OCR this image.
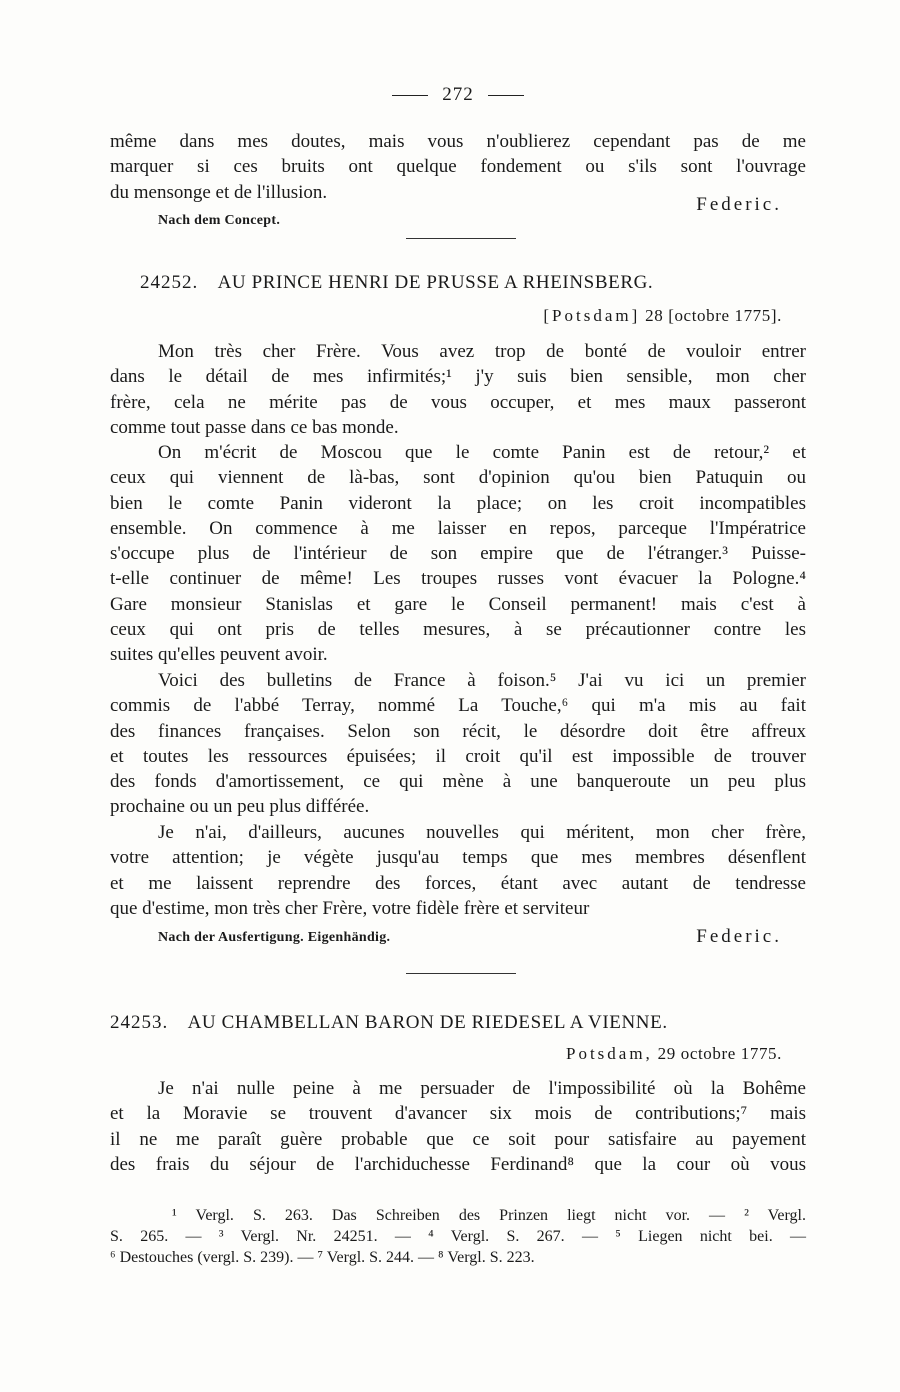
272
même dans mes doutes, mais vous n'oublierez cependant pas de me
marquer si ces bruits ont quelque fondement ou s'ils sont l'ouvrage
du mensonge et de l'illusion.
Federic.
Nach dem Concept.
24252. AU PRINCE HENRI DE PRUSSE A RHEINSBERG.
[Potsdam] 28 [octobre 1775].
Mon très cher Frère. Vous avez trop de bonté de vouloir entrer
dans le détail de mes infirmités;¹ j'y suis bien sensible, mon cher
frère, cela ne mérite pas de vous occuper, et mes maux passeront
comme tout passe dans ce bas monde.
On m'écrit de Moscou que le comte Panin est de retour,² et
ceux qui viennent de là-bas, sont d'opinion qu'ou bien Patuquin ou
bien le comte Panin videront la place; on les croit incompatibles
ensemble. On commence à me laisser en repos, parceque l'Impératrice
s'occupe plus de l'intérieur de son empire que de l'étranger.³ Puisse-
t-elle continuer de même! Les troupes russes vont évacuer la Pologne.⁴
Gare monsieur Stanislas et gare le Conseil permanent! mais c'est à
ceux qui ont pris de telles mesures, à se précautionner contre les
suites qu'elles peuvent avoir.
Voici des bulletins de France à foison.⁵ J'ai vu ici un premier
commis de l'abbé Terray, nommé La Touche,⁶ qui m'a mis au fait
des finances françaises. Selon son récit, le désordre doit être affreux
et toutes les ressources épuisées; il croit qu'il est impossible de trouver
des fonds d'amortissement, ce qui mène à une banqueroute un peu plus
prochaine ou un peu plus différée.
Je n'ai, d'ailleurs, aucunes nouvelles qui méritent, mon cher frère,
votre attention; je végète jusqu'au temps que mes membres désenflent
et me laissent reprendre des forces, étant avec autant de tendresse
que d'estime, mon très cher Frère, votre fidèle frère et serviteur
Nach der Ausfertigung. Eigenhändig.	Federic.
24253. AU CHAMBELLAN BARON DE RIEDESEL A VIENNE.
Potsdam, 29 octobre 1775.
Je n'ai nulle peine à me persuader de l'impossibilité où la Bohême
et la Moravie se trouvent d'avancer six mois de contributions;⁷ mais
il ne me paraît guère probable que ce soit pour satisfaire au payement
des frais du séjour de l'archiduchesse Ferdinand⁸ que la cour où vous
¹ Vergl. S. 263. Das Schreiben des Prinzen liegt nicht vor. — ² Vergl.
S. 265. — ³ Vergl. Nr. 24251. — ⁴ Vergl. S. 267. — ⁵ Liegen nicht bei. —
⁶ Destouches (vergl. S. 239). — ⁷ Vergl. S. 244. — ⁸ Vergl. S. 223.
